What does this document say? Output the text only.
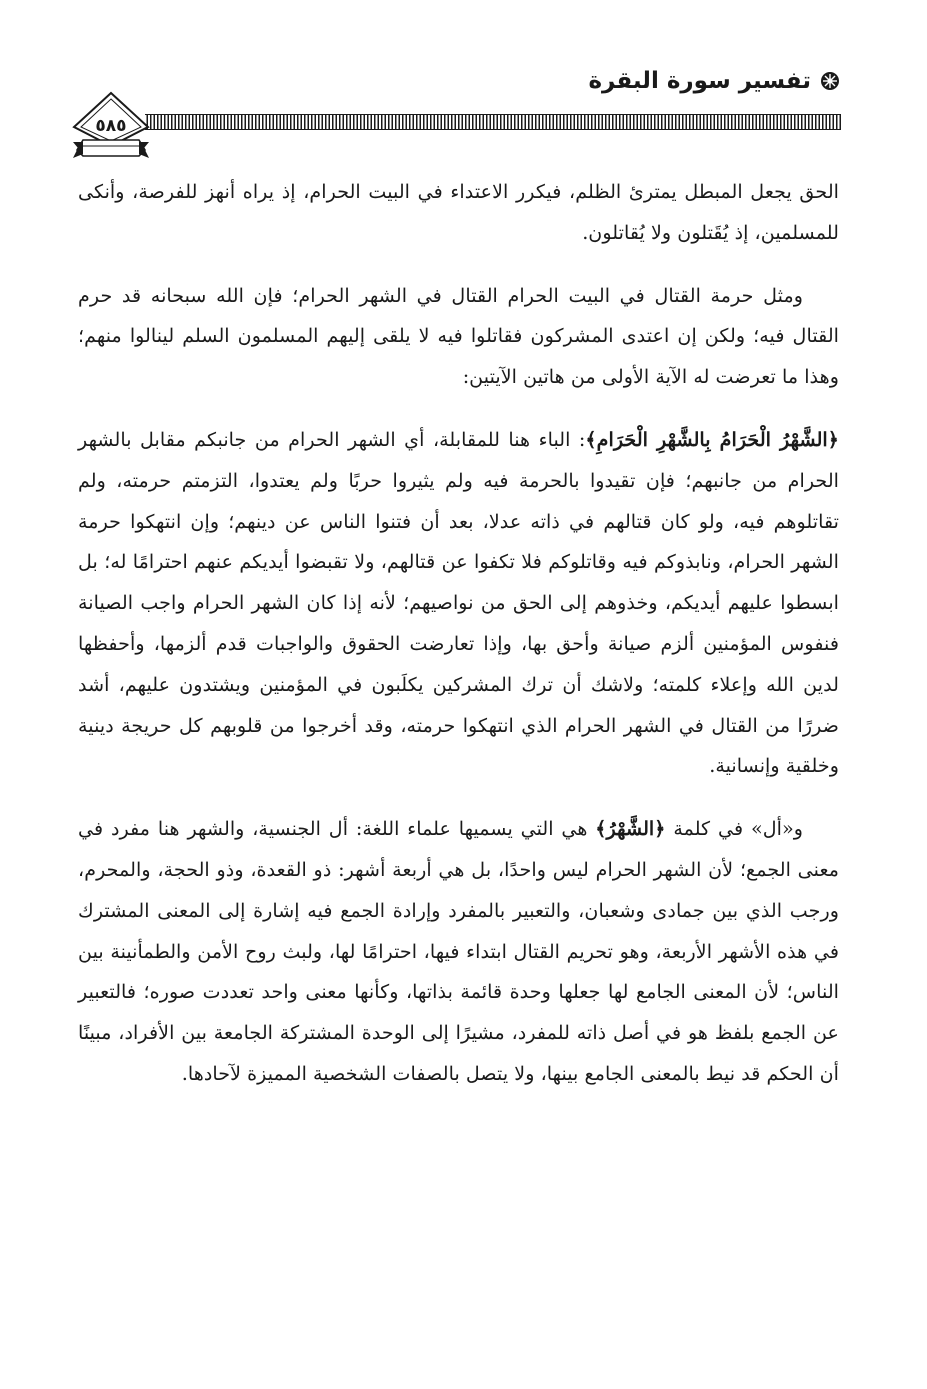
تفسير سورة البقرة
٥٨٥

الحق يجعل المبطل يمترئ الظلم، فيكرر الاعتداء في البيت الحرام، إذ يراه أنهز للفرصة، وأنكى للمسلمين، إذ يُقَتلون ولا يُقاتلون.

ومثل حرمة القتال في البيت الحرام القتال في الشهر الحرام؛ فإن الله سبحانه قد حرم القتال فيه؛ ولكن إن اعتدى المشركون فقاتلوا فيه لا يلقى إليهم المسلمون السلم لينالوا منهم؛ وهذا ما تعرضت له الآية الأولى من هاتين الآيتين:

﴿الشَّهْرُ الْحَرَامُ بِالشَّهْرِ الْحَرَامِ﴾: الباء هنا للمقابلة، أي الشهر الحرام من جانبكم مقابل بالشهر الحرام من جانبهم؛ فإن تقيدوا بالحرمة فيه ولم يثيروا حربًا ولم يعتدوا، التزمتم حرمته، ولم تقاتلوهم فيه، ولو كان قتالهم في ذاته عدلا، بعد أن فتنوا الناس عن دينهم؛ وإن انتهكوا حرمة الشهر الحرام، ونابذوكم فيه وقاتلوكم فلا تكفوا عن قتالهم، ولا تقبضوا أيديكم عنهم احترامًا له؛ بل ابسطوا عليهم أيديكم، وخذوهم إلى الحق من نواصيهم؛ لأنه إذا كان الشهر الحرام واجب الصيانة فنفوس المؤمنين ألزم صيانة وأحق بها، وإذا تعارضت الحقوق والواجبات قدم ألزمها، وأحفظها لدين الله وإعلاء كلمته؛ ولاشك أن ترك المشركين يكلَبون في المؤمنين ويشتدون عليهم، أشد ضررًا من القتال في الشهر الحرام الذي انتهكوا حرمته، وقد أخرجوا من قلوبهم كل حريجة دينية وخلقية وإنسانية.

و«أل» في كلمة ﴿الشَّهْرُ﴾ هي التي يسميها علماء اللغة: أل الجنسية، والشهر هنا مفرد في معنى الجمع؛ لأن الشهر الحرام ليس واحدًا، بل هي أربعة أشهر: ذو القعدة، وذو الحجة، والمحرم، ورجب الذي بين جمادى وشعبان، والتعبير بالمفرد وإرادة الجمع فيه إشارة إلى المعنى المشترك في هذه الأشهر الأربعة، وهو تحريم القتال ابتداء فيها، احترامًا لها، ولبث روح الأمن والطمأنينة بين الناس؛ لأن المعنى الجامع لها جعلها وحدة قائمة بذاتها، وكأنها معنى واحد تعددت صوره؛ فالتعبير عن الجمع بلفظ هو في أصل ذاته للمفرد، مشيرًا إلى الوحدة المشتركة الجامعة بين الأفراد، مبينًا أن الحكم قد نيط بالمعنى الجامع بينها، ولا يتصل بالصفات الشخصية المميزة لآحادها.
